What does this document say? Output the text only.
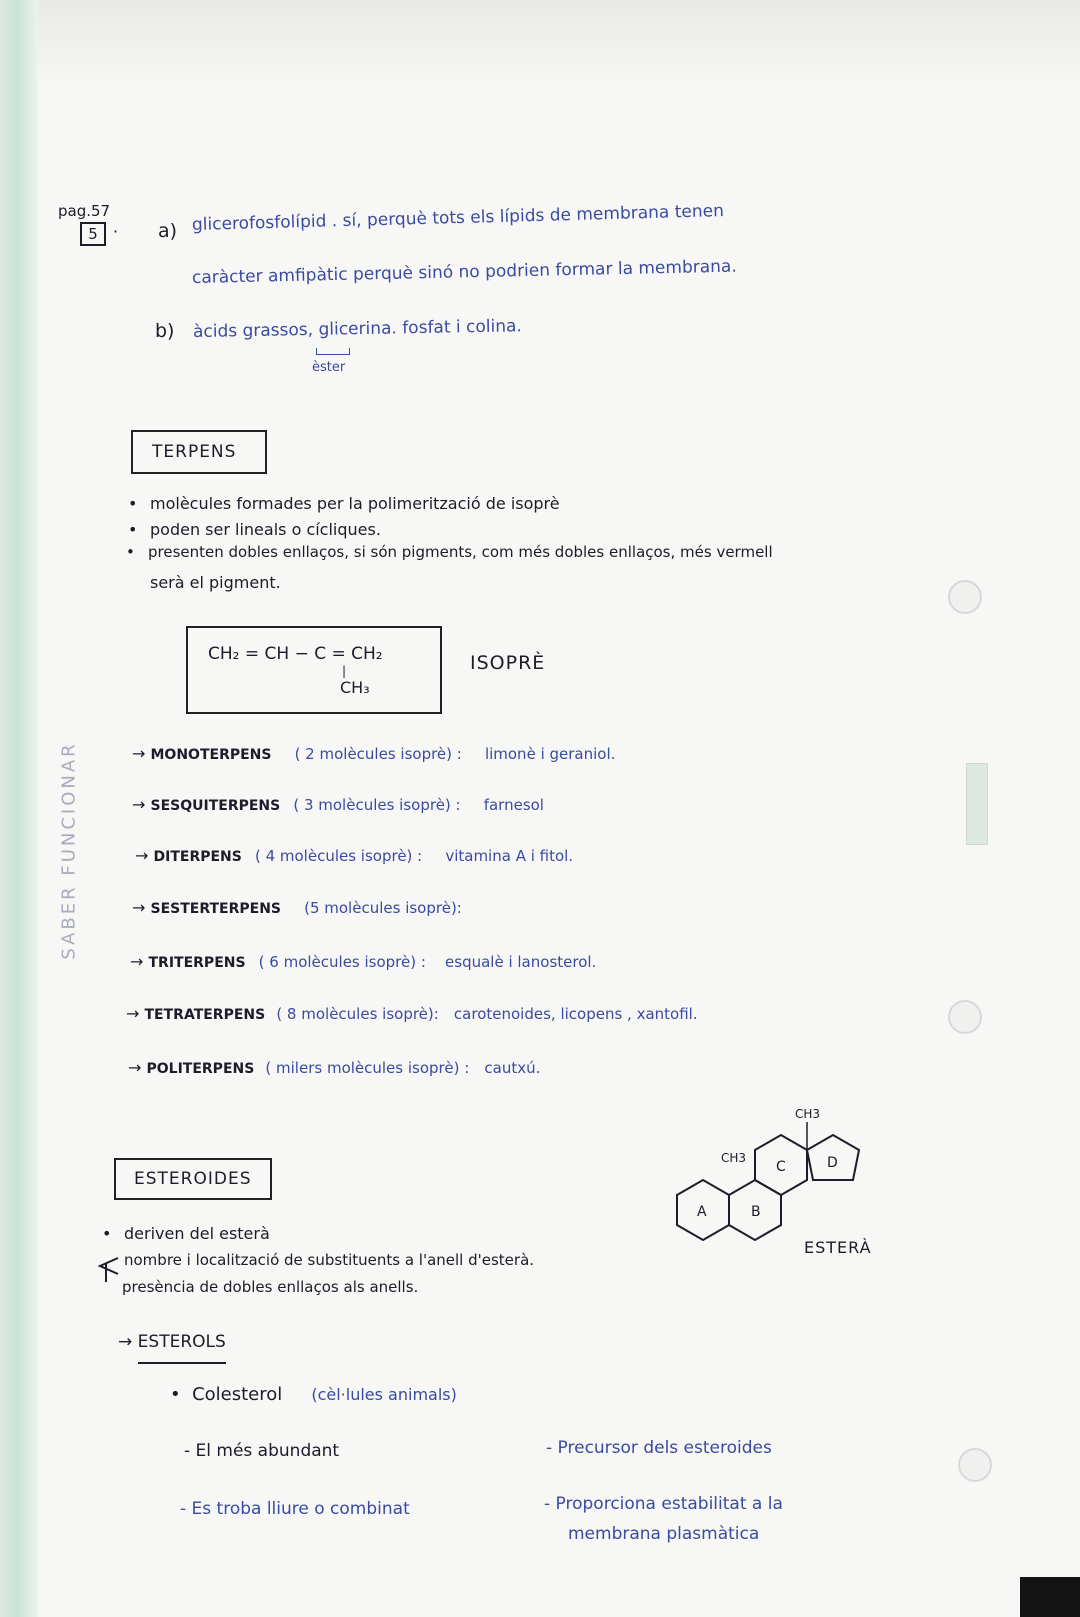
SABER FUNCIONAR
pag.57
5 · a) glicerofosfolípid . sí, perquè tots els lípids de membrana tenen
caràcter amfipàtic perquè sinó no podrien formar la membrana.
b) àcids grassos, glicerina. fosfat i colina.
èster
TERPENS
• molècules formades per la polimerització de isoprè
• poden ser lineals o cícliques.
• presenten dobles enllaços, si són pigments, com més dobles enllaços, més vermell
serà el pigment.
CH₂ = CH − C = CH₂
|
CH₃
ISOPRÈ
→ MONOTERPENS ( 2 molècules isoprè) : limonè i geraniol.
→ SESQUITERPENS ( 3 molècules isoprè) : farnesol
→ DITERPENS ( 4 molècules isoprè) : vitamina A i fitol.
→ SESTERTERPENS (5 molècules isoprè):
→ TRITERPENS ( 6 molècules isoprè) : esqualè i lanosterol.
→ TETRATERPENS ( 8 molècules isoprè): carotenoides, licopens , xantofil.
→ POLITERPENS ( milers molècules isoprè) : cautxú.
ESTEROIDES
• deriven del esterà
nombre i localització de substituents a l'anell d'esterà.
presència de dobles enllaços als anells.
A	B
C	D
CH3
CH3
ESTERÀ
→ ESTEROLS
•  Colesterol (cèl·lules animals)
- El més abundant
- Es troba lliure o combinat
- Precursor dels esteroides
- Proporciona estabilitat a la
membrana plasmàtica
